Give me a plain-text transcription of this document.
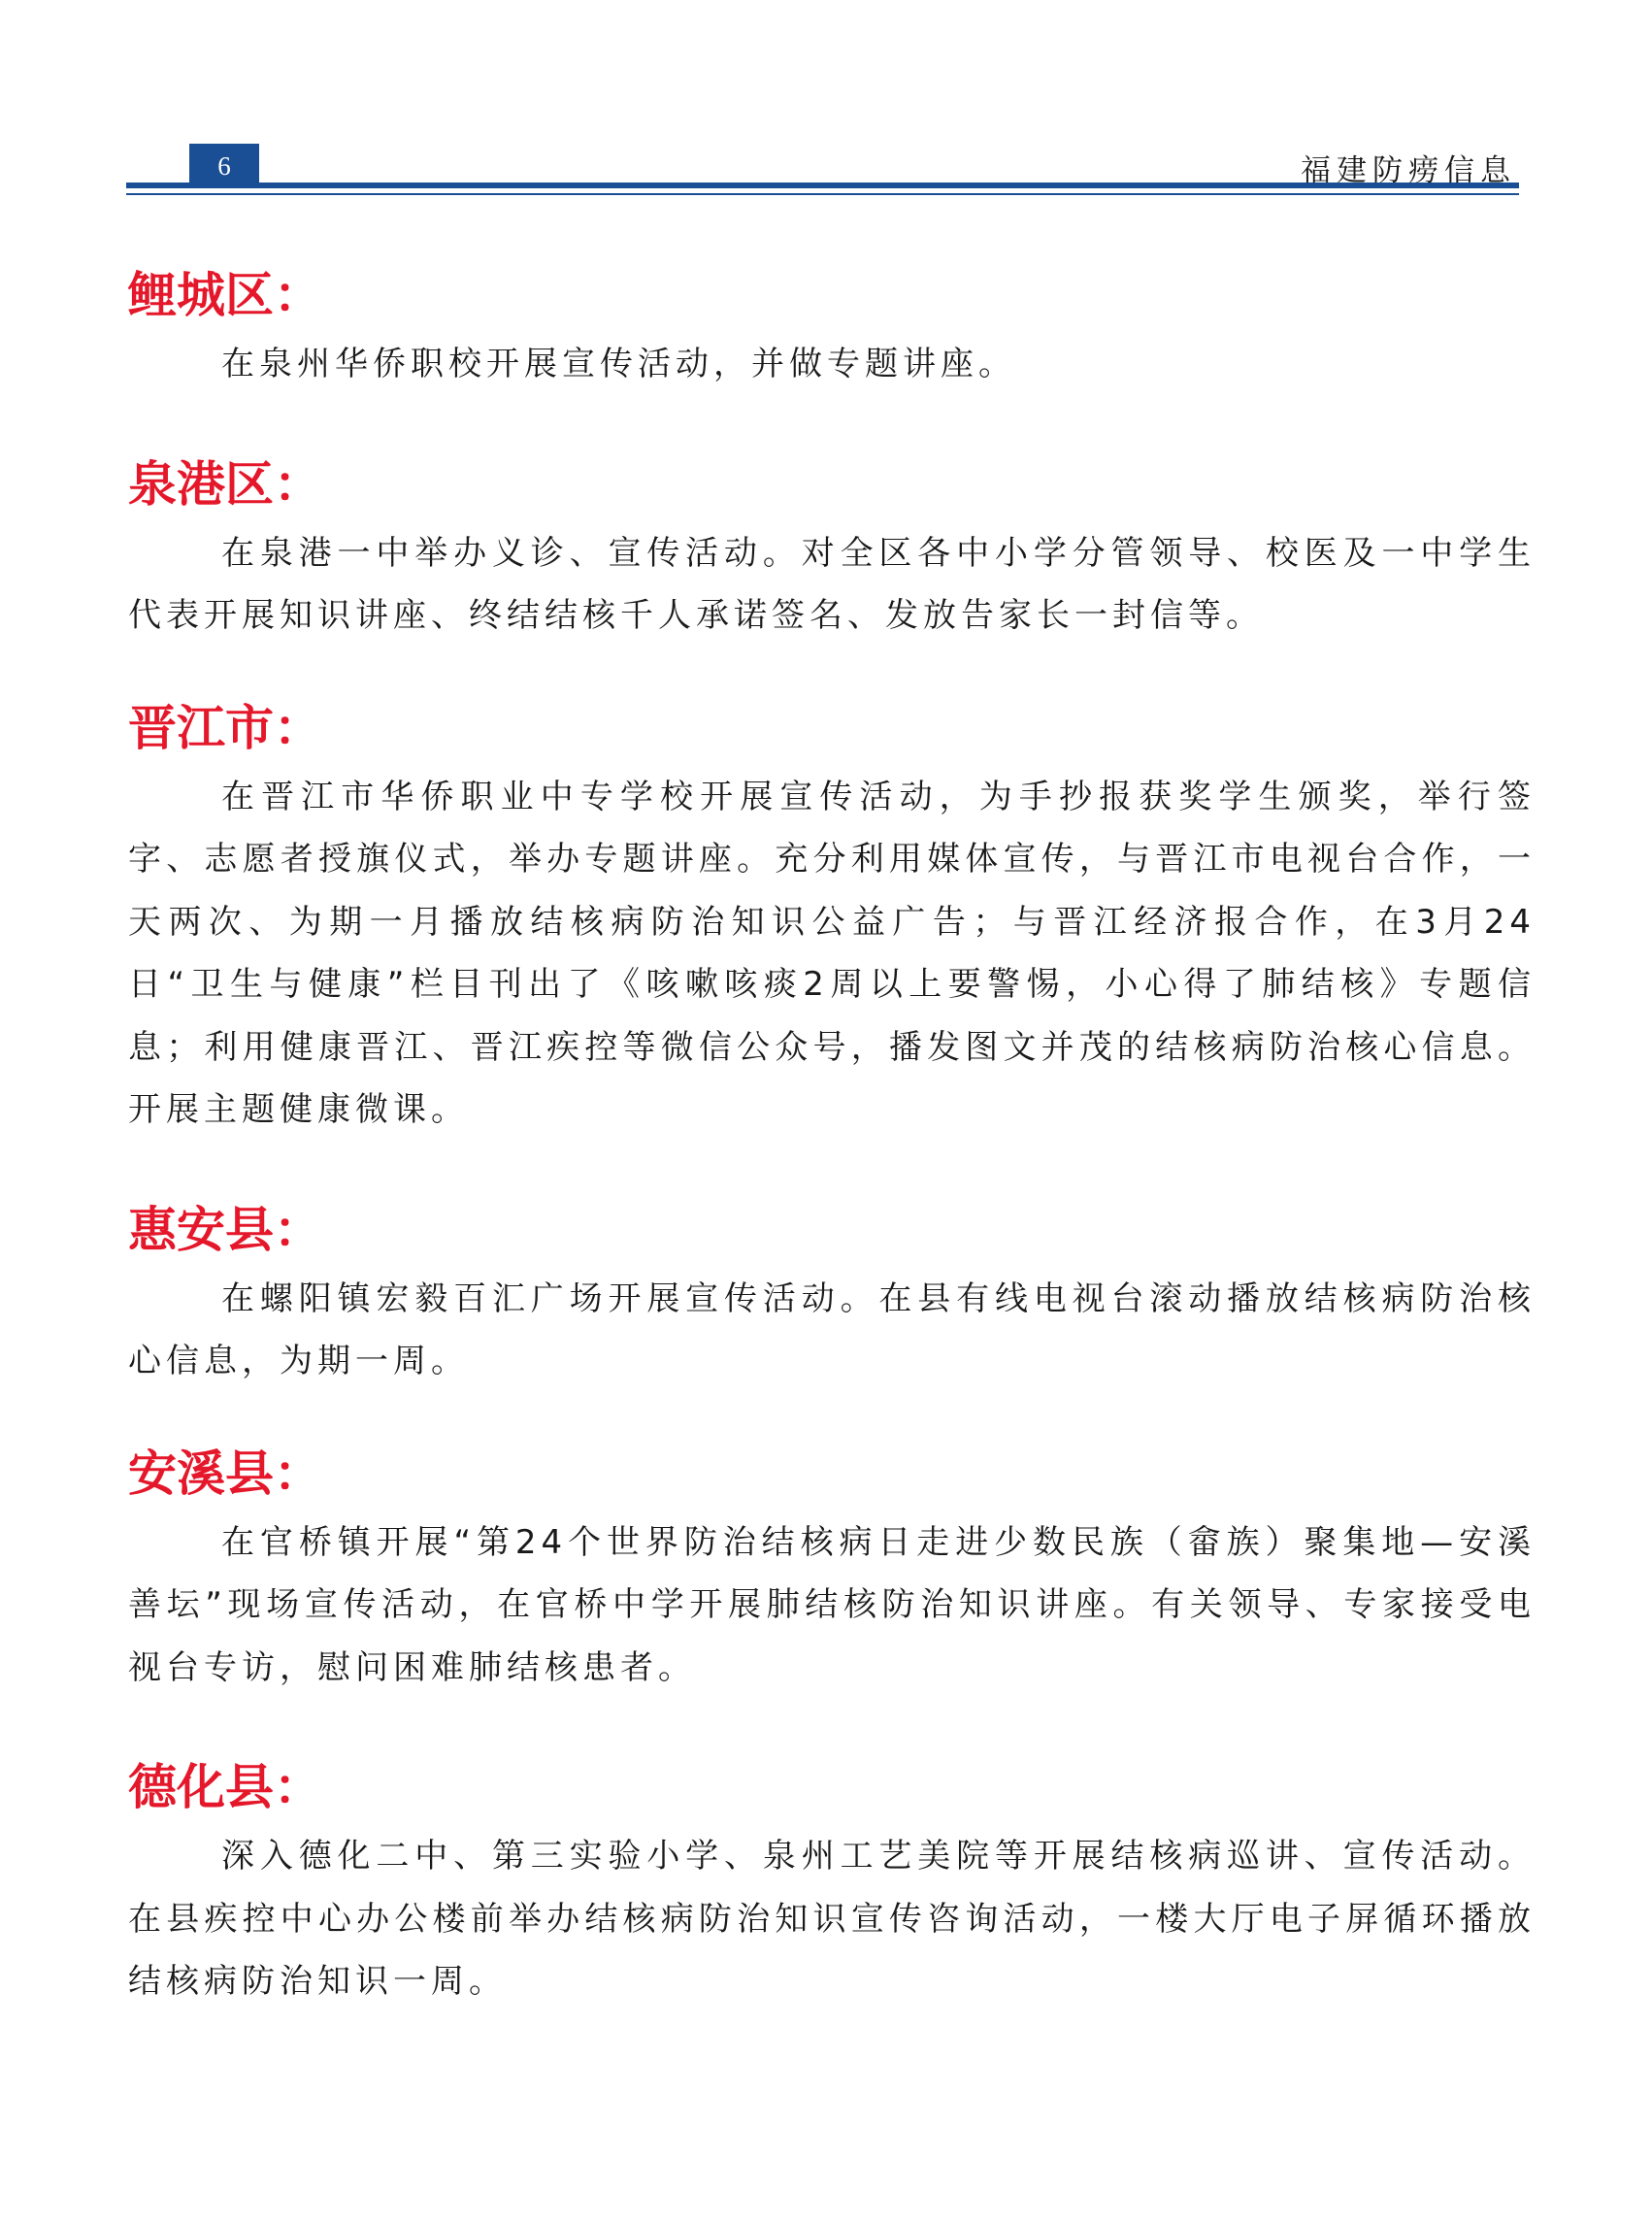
6	福建防痨信息
鲤城区：

在泉州华侨职校开展宣传活动，并做专题讲座。

泉港区：

在泉港一中举办义诊、宣传活动。对全区各中小学分管领导、校医及一中学生代表开展知识讲座、终结结核千人承诺签名、发放告家长一封信等。

晋江市：

在晋江市华侨职业中专学校开展宣传活动，为手抄报获奖学生颁奖，举行签字、志愿者授旗仪式，举办专题讲座。充分利用媒体宣传，与晋江市电视台合作，一天两次、为期一月播放结核病防治知识公益广告；与晋江经济报合作，在3月24日“卫生与健康”栏目刊出了《咳嗽咳痰2周以上要警惕，小心得了肺结核》专题信息；利用健康晋江、晋江疾控等微信公众号，播发图文并茂的结核病防治核心信息。开展主题健康微课。

惠安县：

在螺阳镇宏毅百汇广场开展宣传活动。在县有线电视台滚动播放结核病防治核心信息，为期一周。

安溪县：

在官桥镇开展“第24个世界防治结核病日走进少数民族（畲族）聚集地—安溪善坛”现场宣传活动，在官桥中学开展肺结核防治知识讲座。有关领导、专家接受电视台专访，慰问困难肺结核患者。

德化县：

深入德化二中、第三实验小学、泉州工艺美院等开展结核病巡讲、宣传活动。在县疾控中心办公楼前举办结核病防治知识宣传咨询活动，一楼大厅电子屏循环播放结核病防治知识一周。
